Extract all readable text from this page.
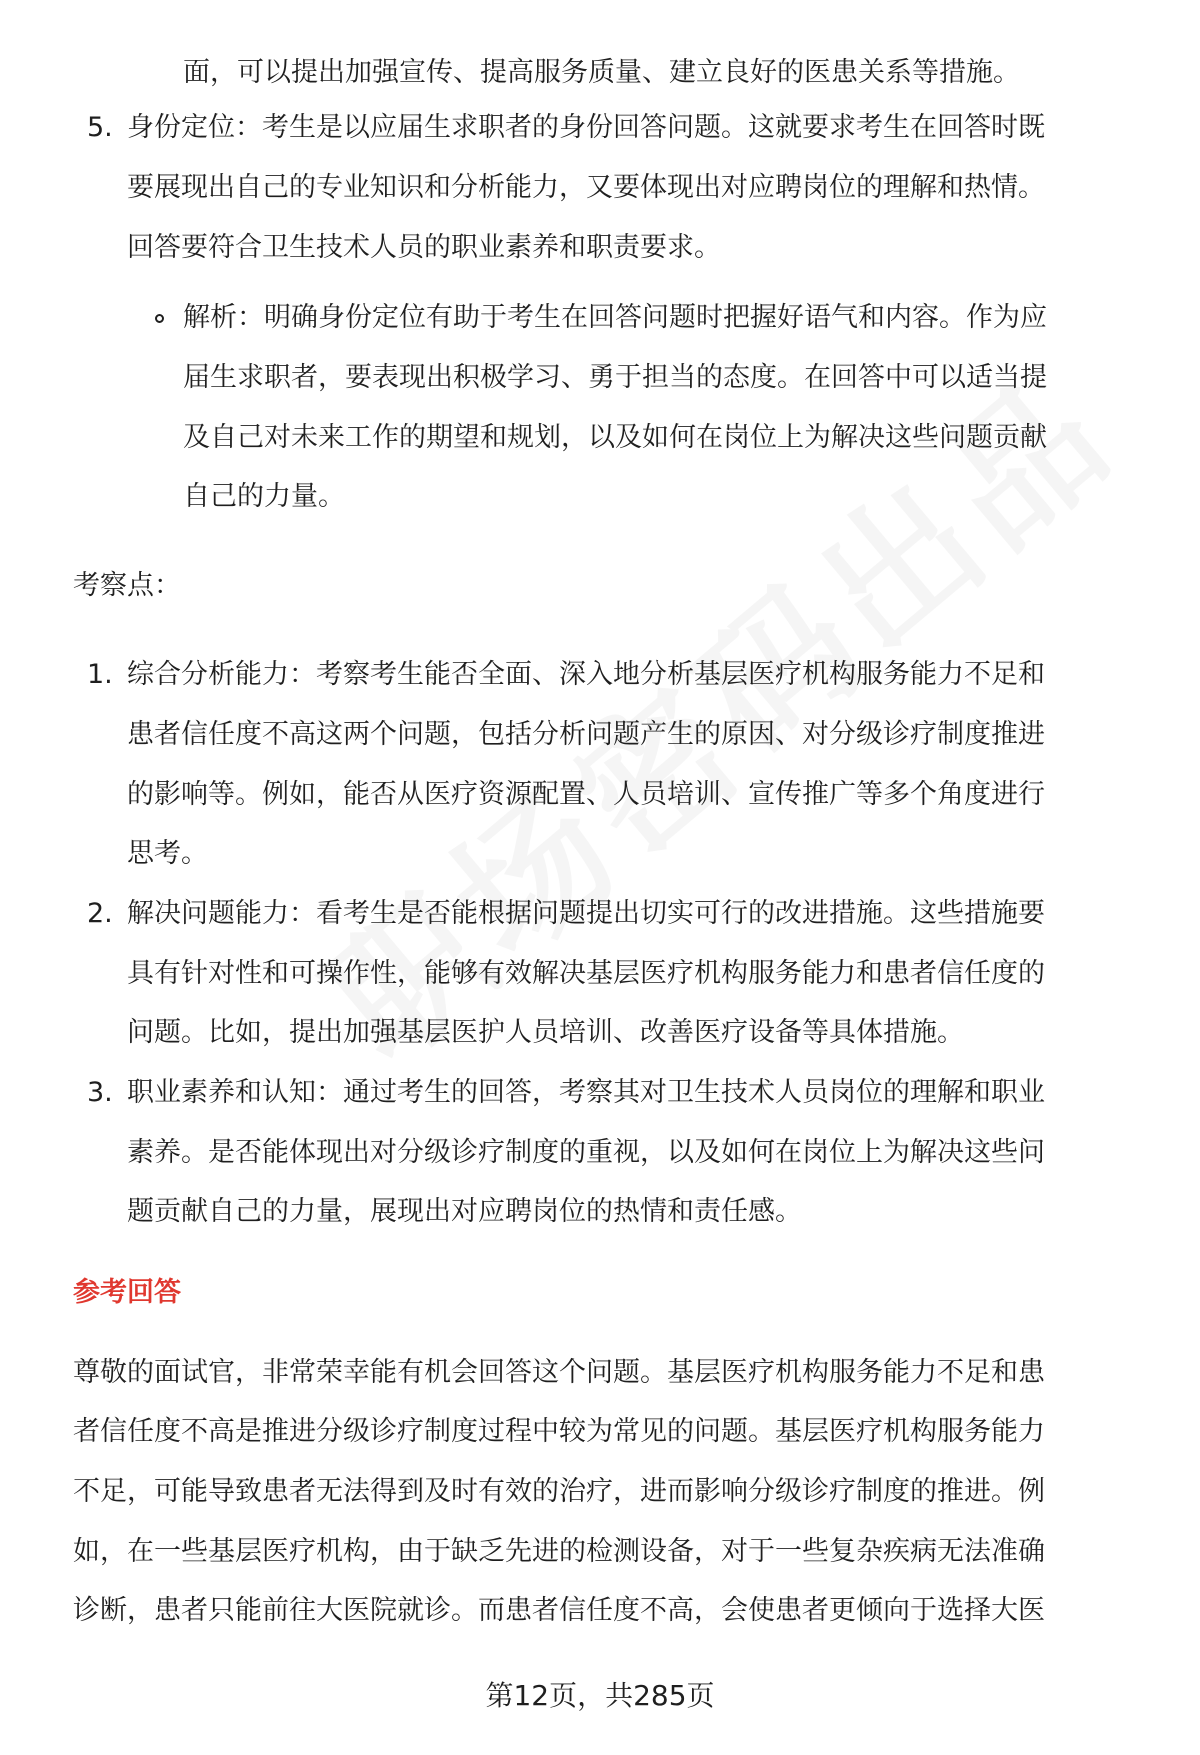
面，可以提出加强宣传、提高服务质量、建立良好的医患关系等措施。
5. 身份定位：考生是以应届生求职者的身份回答问题。这就要求考生在回答时既
要展现出自己的专业知识和分析能力，又要体现出对应聘岗位的理解和热情。
回答要符合卫生技术人员的职业素养和职责要求。
解析：明确身份定位有助于考生在回答问题时把握好语气和内容。作为应
届生求职者，要表现出积极学习、勇于担当的态度。在回答中可以适当提
及自己对未来工作的期望和规划，以及如何在岗位上为解决这些问题贡献
自己的力量。
考察点：
1. 综合分析能力：考察考生能否全面、深入地分析基层医疗机构服务能力不足和
患者信任度不高这两个问题，包括分析问题产生的原因、对分级诊疗制度推进
的影响等。例如，能否从医疗资源配置、人员培训、宣传推广等多个角度进行
思考。
2. 解决问题能力：看考生是否能根据问题提出切实可行的改进措施。这些措施要
具有针对性和可操作性，能够有效解决基层医疗机构服务能力和患者信任度的
问题。比如，提出加强基层医护人员培训、改善医疗设备等具体措施。
3. 职业素养和认知：通过考生的回答，考察其对卫生技术人员岗位的理解和职业
素养。是否能体现出对分级诊疗制度的重视，以及如何在岗位上为解决这些问
题贡献自己的力量，展现出对应聘岗位的热情和责任感。
参考回答
尊敬的面试官，非常荣幸能有机会回答这个问题。基层医疗机构服务能力不足和患
者信任度不高是推进分级诊疗制度过程中较为常见的问题。基层医疗机构服务能力
不足，可能导致患者无法得到及时有效的治疗，进而影响分级诊疗制度的推进。例
如，在一些基层医疗机构，由于缺乏先进的检测设备，对于一些复杂疾病无法准确
诊断，患者只能前往大医院就诊。而患者信任度不高，会使患者更倾向于选择大医
第12页，共285页
